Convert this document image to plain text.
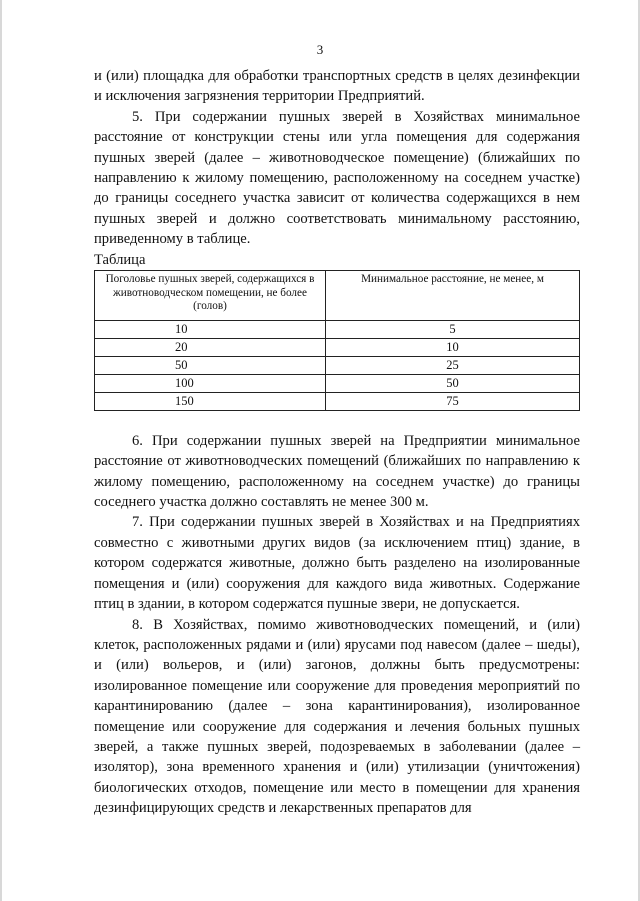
3

и (или) площадка для обработки транспортных средств в целях дезинфекции и исключения загрязнения территории Предприятий.

5. При содержании пушных зверей в Хозяйствах минимальное расстояние от конструкции стены или угла помещения для содержания пушных зверей (далее – животноводческое помещение) (ближайших по направлению к жилому помещению, расположенному на соседнем участке) до границы соседнего участка зависит от количества содержащихся в нем пушных зверей и должно соответствовать минимальному расстоянию, приведенному в таблице.

Таблица

Поголовье пушных зверей, содержащихся в животноводческом помещении, не более (голов)	Минимальное расстояние, не менее, м
10	5
20	10
50	25
100	50
150	75

6. При содержании пушных зверей на Предприятии минимальное расстояние от животноводческих помещений (ближайших по направлению к жилому помещению, расположенному на соседнем участке) до границы соседнего участка должно составлять не менее 300 м.

7. При содержании пушных зверей в Хозяйствах и на Предприятиях совместно с животными других видов (за исключением птиц) здание, в котором содержатся животные, должно быть разделено на изолированные помещения и (или) сооружения для каждого вида животных. Содержание птиц в здании, в котором содержатся пушные звери, не допускается.

8. В Хозяйствах, помимо животноводческих помещений, и (или) клеток, расположенных рядами и (или) ярусами под навесом (далее – шеды), и (или) вольеров, и (или) загонов, должны быть предусмотрены: изолированное помещение или сооружение для проведения мероприятий по карантинированию (далее – зона карантинирования), изолированное помещение или сооружение для содержания и лечения больных пушных зверей, а также пушных зверей, подозреваемых в заболевании (далее – изолятор), зона временного хранения и (или) утилизации (уничтожения) биологических отходов, помещение или место в помещении для хранения дезинфицирующих средств и лекарственных препаратов для
